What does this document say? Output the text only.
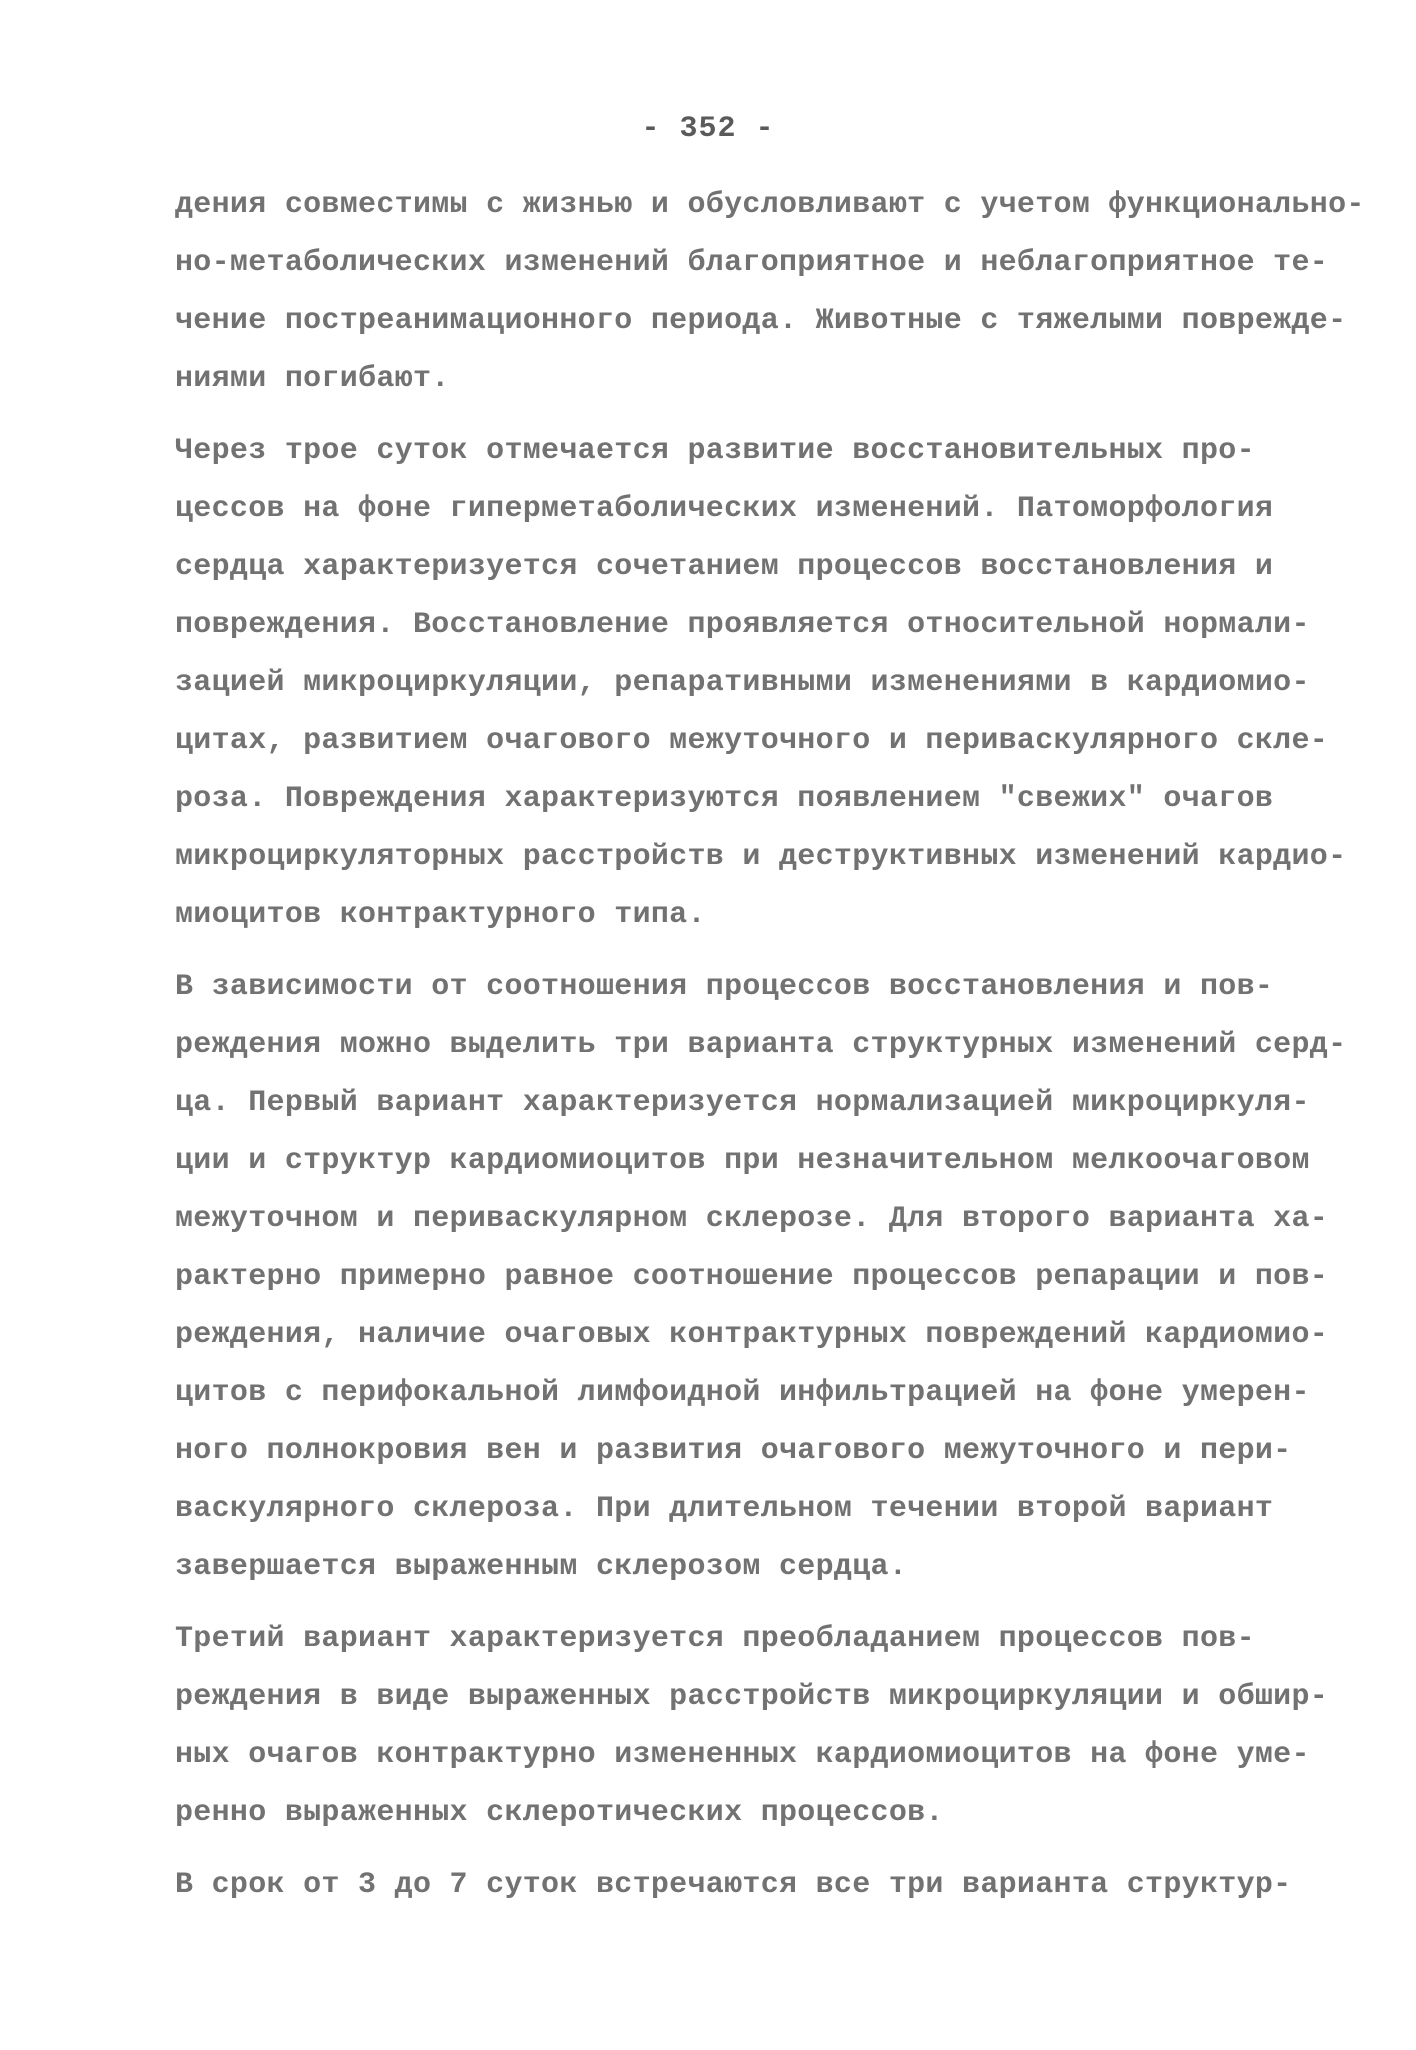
- 352 -
дения совместимы с жизнью и обусловливают с учетом функционально-
но-метаболических изменений благоприятное и неблагоприятное те-
чение постреанимационного периода. Животные с тяжелыми поврежде-
ниями погибают.
Через трое суток отмечается развитие восстановительных про-
цессов на фоне гиперметаболических изменений. Патоморфология
сердца характеризуется сочетанием процессов восстановления и
повреждения. Восстановление проявляется относительной нормали-
зацией микроциркуляции, репаративными изменениями в кардиомио-
цитах, развитием очагового межуточного и периваскулярного скле-
роза. Повреждения характеризуются появлением "свежих" очагов
микроциркуляторных расстройств и деструктивных изменений кардио-
миоцитов контрактурного типа.
В зависимости от соотношения процессов восстановления и пов-
реждения можно выделить три варианта структурных изменений серд-
ца. Первый вариант характеризуется нормализацией микроциркуля-
ции и структур кардиомиоцитов при незначительном мелкоочаговом
межуточном и периваскулярном склерозе. Для второго варианта ха-
рактерно примерно равное соотношение процессов репарации и пов-
реждения, наличие очаговых контрактурных повреждений кардиомио-
цитов с перифокальной лимфоидной инфильтрацией на фоне умерен-
ного полнокровия вен и развития очагового межуточного и пери-
васкулярного склероза. При длительном течении второй вариант
завершается выраженным склерозом сердца.
Третий вариант характеризуется преобладанием процессов пов-
реждения в виде выраженных расстройств микроциркуляции и обшир-
ных очагов контрактурно измененных кардиомиоцитов на фоне уме-
ренно выраженных склеротических процессов.
В срок от 3 до 7 суток встречаются все три варианта структур-
